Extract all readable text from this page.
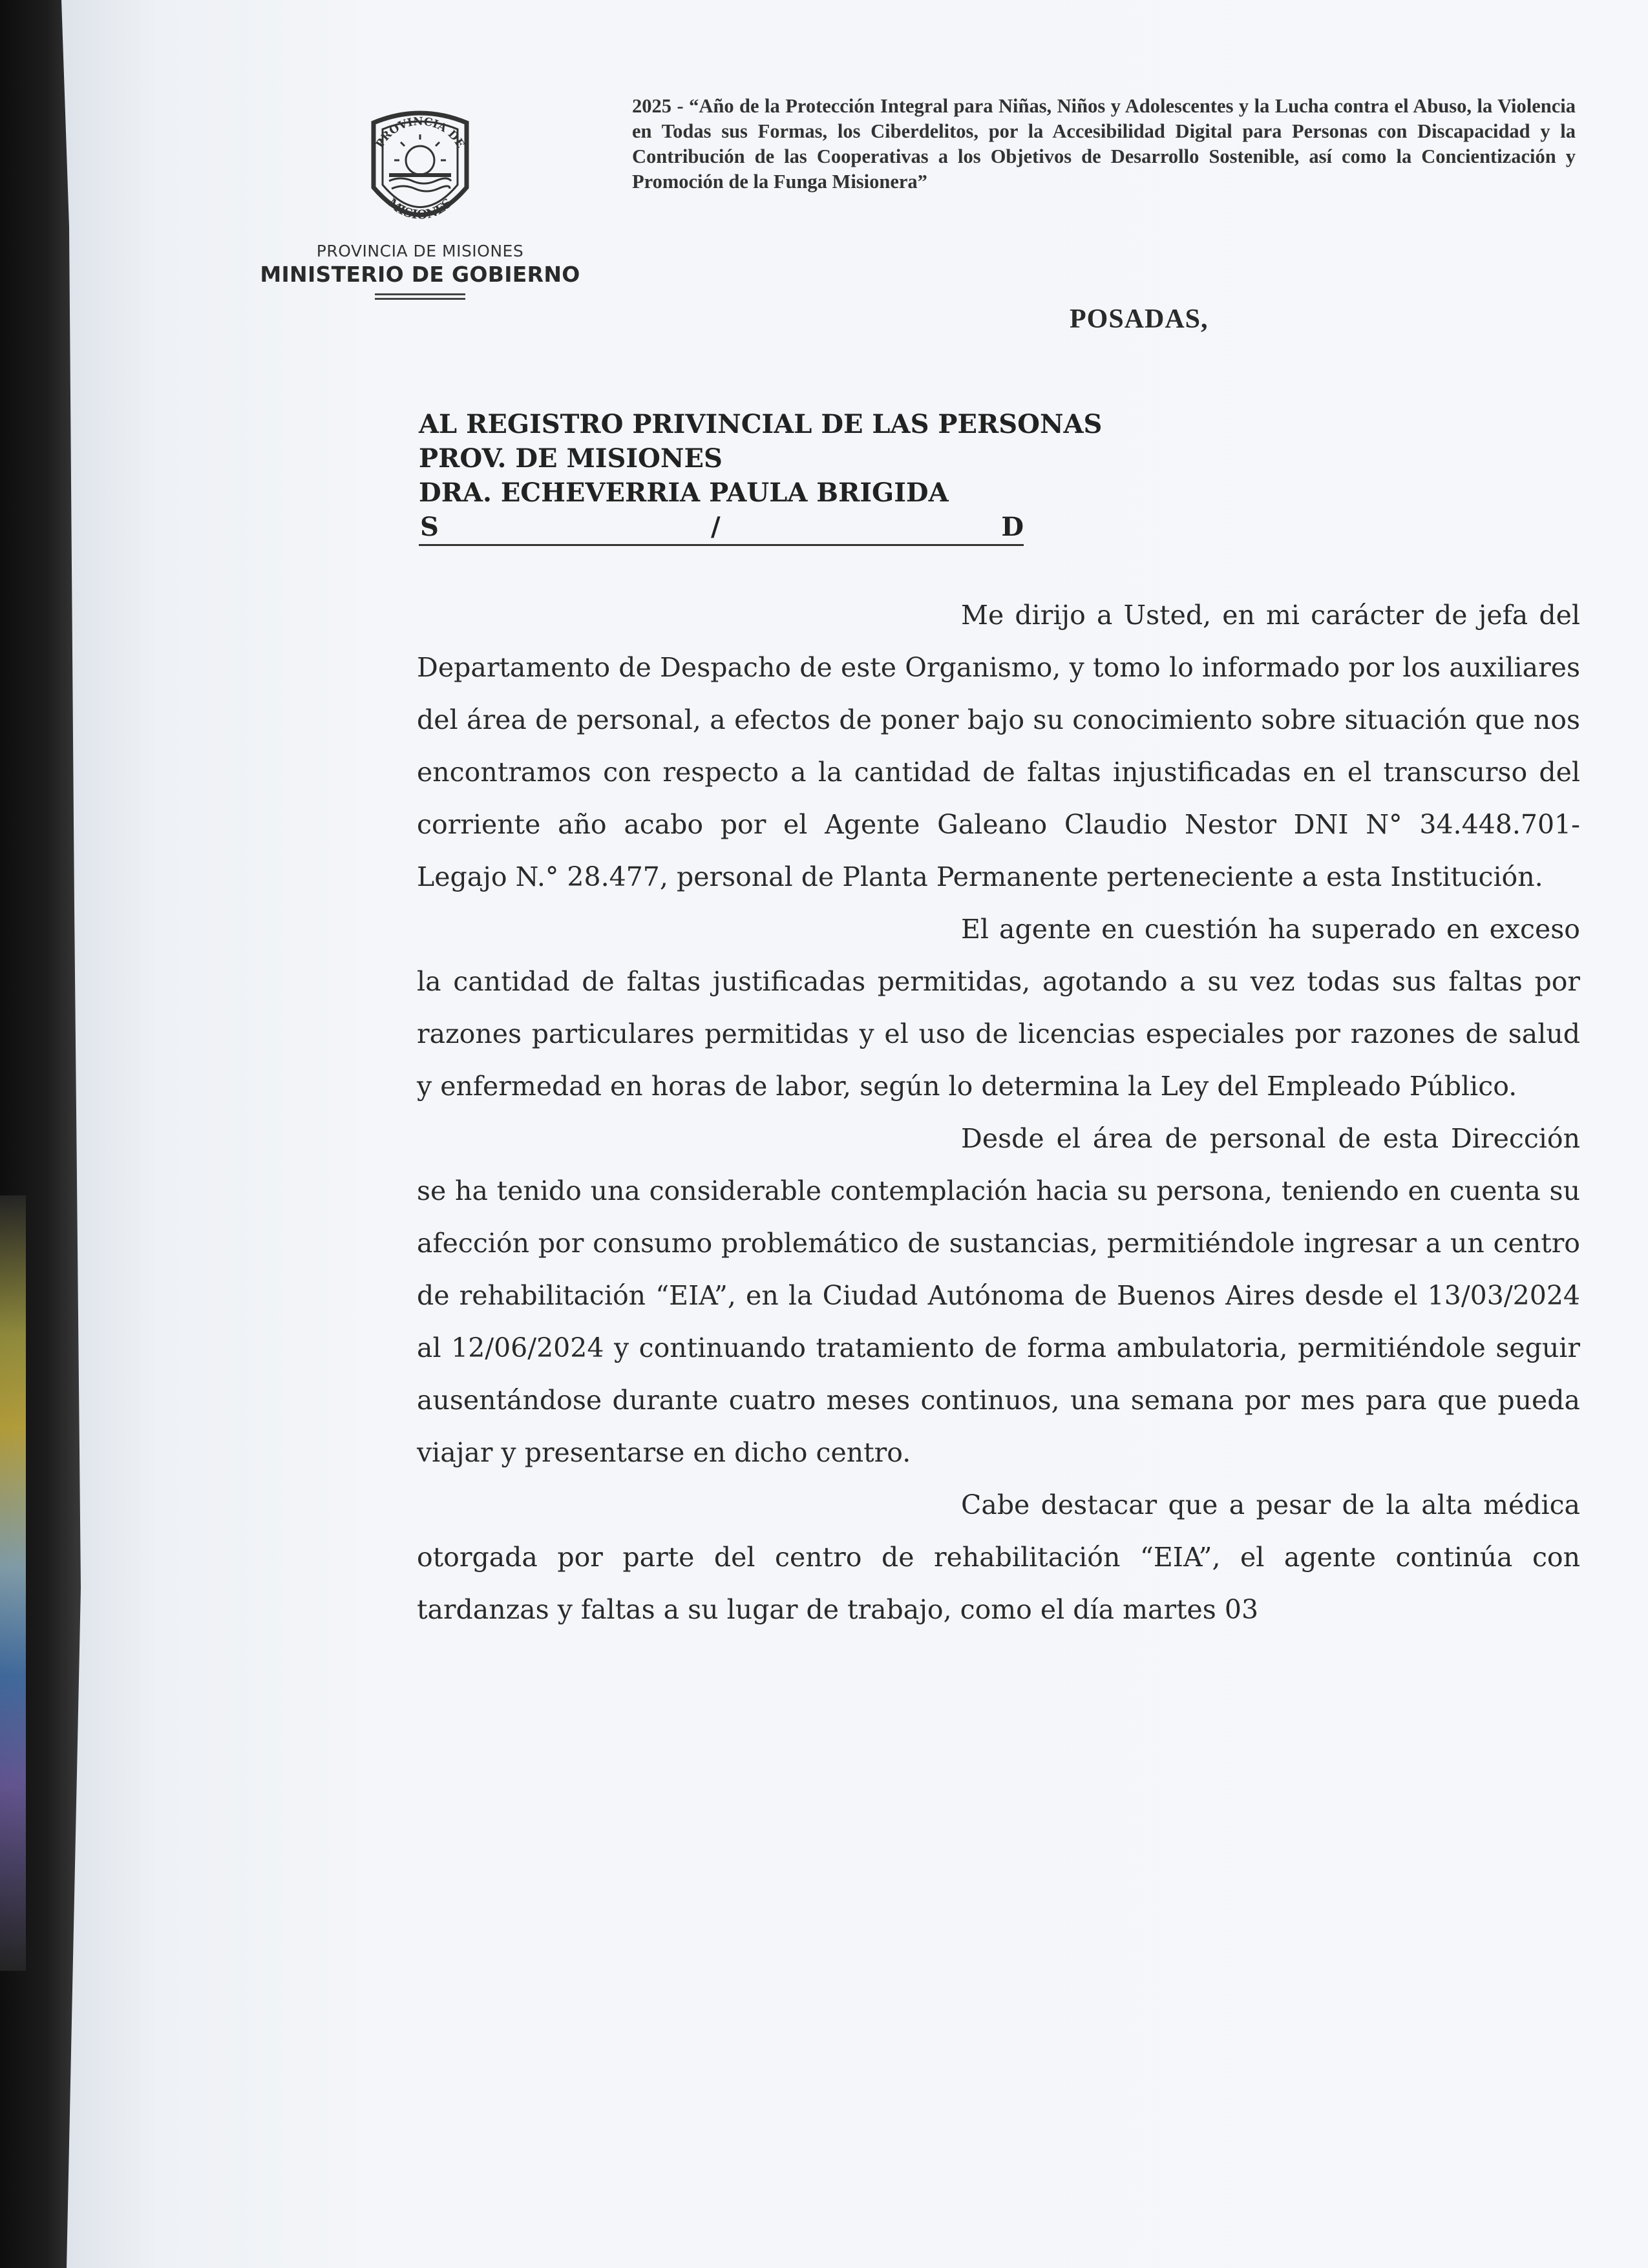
PROVINCIA DE
MISIONES
PROVINCIA DE MISIONES
MINISTERIO DE GOBIERNO
2025 - “Año de la Protección Integral para Niñas, Niños y Adolescentes y la Lucha contra el Abuso, la Violencia en Todas sus Formas, los Ciberdelitos, por la Accesibilidad Digital para Personas con Discapacidad y la Contribución de las Cooperativas a los Objetivos de Desarrollo Sostenible, así como la Concientización y Promoción de la Funga Misionera”
POSADAS,
AL REGISTRO PRIVINCIAL DE LAS PERSONAS
PROV. DE MISIONES
DRA. ECHEVERRIA PAULA BRIGIDA
S	/	D

Me dirijo a Usted, en mi carácter de jefa del Departamento de Despacho de este Organismo, y tomo lo informado por los auxiliares del área de personal, a efectos de poner bajo su conocimiento sobre situación que nos encontramos con respecto a la cantidad de faltas injustificadas en el transcurso del corriente año acabo por el Agente Galeano Claudio Nestor DNI N° 34.448.701- Legajo N.° 28.477, personal de Planta Permanente perteneciente a esta Institución.

El agente en cuestión ha superado en exceso la cantidad de faltas justificadas permitidas, agotando a su vez todas sus faltas por razones particulares permitidas y el uso de licencias especiales por razones de salud y enfermedad en horas de labor, según lo determina la Ley del Empleado Público.

Desde el área de personal de esta Dirección se ha tenido una considerable contemplación hacia su persona, teniendo en cuenta su afección por consumo problemático de sustancias, permitiéndole ingresar a un centro de rehabilitación “EIA”, en la Ciudad Autónoma de Buenos Aires desde el 13/03/2024 al 12/06/2024 y continuando tratamiento de forma ambulatoria, permitiéndole seguir ausentándose durante cuatro meses continuos, una semana por mes para que pueda viajar y presentarse en dicho centro.

Cabe destacar que a pesar de la alta médica otorgada por parte del centro de rehabilitación “EIA”, el agente continúa con tardanzas y faltas a su lugar de trabajo, como el día martes 03
